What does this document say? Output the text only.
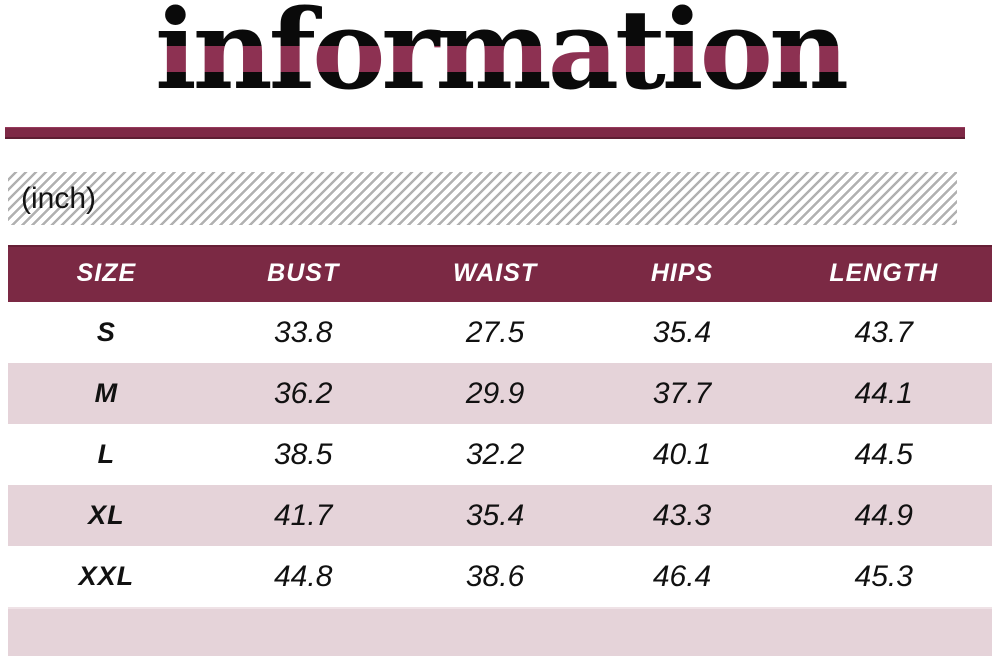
information
(inch)
SIZE	BUST	WAIST	HIPS	LENGTH
S	33.8	27.5	35.4	43.7
M	36.2	29.9	37.7	44.1
L	38.5	32.2	40.1	44.5
XL	41.7	35.4	43.3	44.9
XXL	44.8	38.6	46.4	45.3
